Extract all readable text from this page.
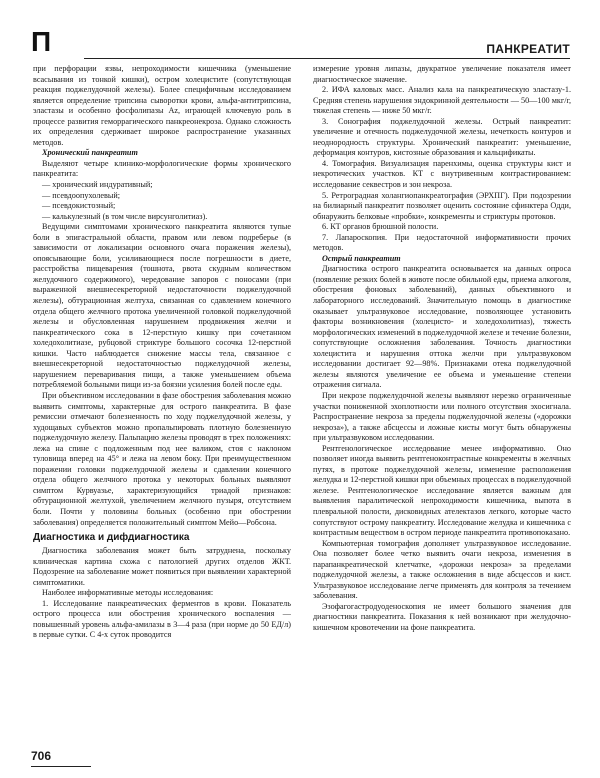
П	ПАНКРЕАТИТ

при перфорации язвы, непроходимости кишечника (уменьшение всасывания из тонкой кишки), остром холецистите (сопутствующая реакция поджелудочной железы). Более специфичным исследованием является определение трипсина сыворотки крови, альфа-антитрипсина, эластазы и особенно фосфолипазы Аz, играющей ключевую роль в процессе развития геморрагического панкреонекроза. Однако сложность их определения сдерживает широкое распространение указанных методов.

Хронический панкреатит

Выделяют четыре клинико-морфологические формы хронического панкреатита:

— хронический индуративный;
— псевдоопухолевый;
— псевдокистозный;
— калькулезный (в том числе вирсунголитиаз).

Ведущими симптомами хронического панкреатита являются тупые боли в эпигастральной области, правом или левом подреберье (в зависимости от локализации основного очага поражения железы), опоясывающие боли, усиливающиеся после погрешности в диете, расстройства пищеварения (тошнота, рвота скудным количеством желудочного содержимого), чередование запоров с поносами (при выраженной внешнесекреторной недостаточности поджелудочной железы), обтурационная желтуха, связанная со сдавлением конечного отдела общего желчного протока увеличенной головкой поджелудочной железы и обусловленная нарушением продвижения желчи и панкреатического сока в 12-перстную кишку при сочетанном холедохолитиазе, рубцовой стриктуре большого сосочка 12-перстной кишки. Часто наблюдается снижение массы тела, связанное с внешнесекреторной недостаточностью поджелудочной железы, нарушением переваривания пищи, а также уменьшением объема потребляемой больными пищи из-за боязни усиления болей после еды.

При объективном исследовании в фазе обострения заболевания можно выявить симптомы, характерные для острого панкреатита. В фазе ремиссии отмечают болезненность по ходу поджелудочной железы, у худощавых субъектов можно пропальпировать плотную болезненную поджелудочную железу. Пальпацию железы проводят в трех положениях: лежа на спине с подложенным под нее валиком, стоя с наклоном туловища вперед на 45° и лежа на левом боку. При преимущественном поражении головки поджелудочной железы и сдавлении конечного отдела общего желчного протока у некоторых больных выявляют симптом Курвуазье, характеризующийся триадой признаков: обтурационной желтухой, увеличением желчного пузыря, отсутствием боли. Почти у половины больных (особенно при обострении заболевания) определяется положительный симптом Мейо—Робсона.

Диагностика и дифдиагностика

Диагностика заболевания может быть затруднена, поскольку клиническая картина схожа с патологией других отделов ЖКТ. Подозрение на заболевание может появиться при выявлении характерной симптоматики.

Наиболее информативные методы исследования:

1. Исследование панкреатических ферментов в крови. Показатель острого процесса или обострения хронического воспаления — повышенный уровень альфа-амилазы в 3—4 раза (при норме до 50 ЕД/л) в первые сутки. С 4-х суток проводится

измерение уровня липазы, двукратное увеличение показателя имеет диагностическое значение.

2. ИФА каловых масс. Анализ кала на панкреатическую эластазу-1. Средняя степень нарушения эндокринной деятельности — 50—100 мкг/г, тяжелая степень — ниже 50 мкг/г.

3. Сонография поджелудочной железы. Острый панкреатит: увеличение и отечность поджелудочной железы, нечеткость контуров и неоднородность структуры. Хронический панкреатит: уменьшение, деформация контуров, кистозные образования и кальцификаты.

4. Томография. Визуализация паренхимы, оценка структуры кист и некротических участков. КТ с внутривенным контрастированием: исследование секвестров и зон некроза.

5. Ретроградная холангиопанкреатография (ЭРХПГ). При подозрении на билиарный панкреатит позволяет оценить состояние сфинктера Одди, обнаружить белковые «пробки», конкременты и стриктуры протоков.

6. КТ органов брюшной полости.

7. Лапароскопия. При недостаточной информативности прочих методов.

Острый панкреатит

Диагностика острого панкреатита основывается на данных опроса (появление резких болей в животе после обильной еды, приема алкоголя, обострения фоновых заболеваний), данных объективного и лабораторного исследований. Значительную помощь в диагностике оказывает ультразвуковое исследование, позволяющее установить факторы возникновения (холецисто- и холедохолитиаз), тяжесть морфологических изменений в поджелудочной железе и течение болезни, сопутствующие осложнения заболевания. Точность диагностики холецистита и нарушения оттока желчи при ультразвуковом исследовании достигает 92—98%. Признаками отека поджелудочной железы являются увеличение ее объема и уменьшение степени отражения сигнала.

При некрозе поджелудочной железы выявляют нерезко ограниченные участки пониженной эхоплотности или полного отсутствия эхосигнала. Распространение некроза за пределы поджелудочной железы («дорожки некроза»), а также абсцессы и ложные кисты могут быть обнаружены при ультразвуковом исследовании.

Рентгенологическое исследование менее информативно. Оно позволяет иногда выявить рентгеноконтрастные конкременты в желчных путях, в протоке поджелудочной железы, изменение расположения желудка и 12-перстной кишки при объемных процессах в поджелудочной железе. Рентгенологическое исследование является важным для выявления паралитической непроходимости кишечника, выпота в плевральной полости, дисковидных ателектазов легкого, которые часто сопутствуют острому панкреатиту. Исследование желудка и кишечника с контрастным веществом в остром периоде панкреатита противопоказано.

Компьютерная томография дополняет ультразвуковое исследование. Она позволяет более четко выявить очаги некроза, изменения в парапанкреатической клетчатке, «дорожки некроза» за пределами поджелудочной железы, а также осложнения в виде абсцессов и кист. Ультразвуковое исследование легче применять для контроля за течением заболевания.

Эзофагогастродуоденоскопия не имеет большого значения для диагностики панкреатита. Показания к ней возникают при желудочно-кишечном кровотечении на фоне панкреатита.

706
